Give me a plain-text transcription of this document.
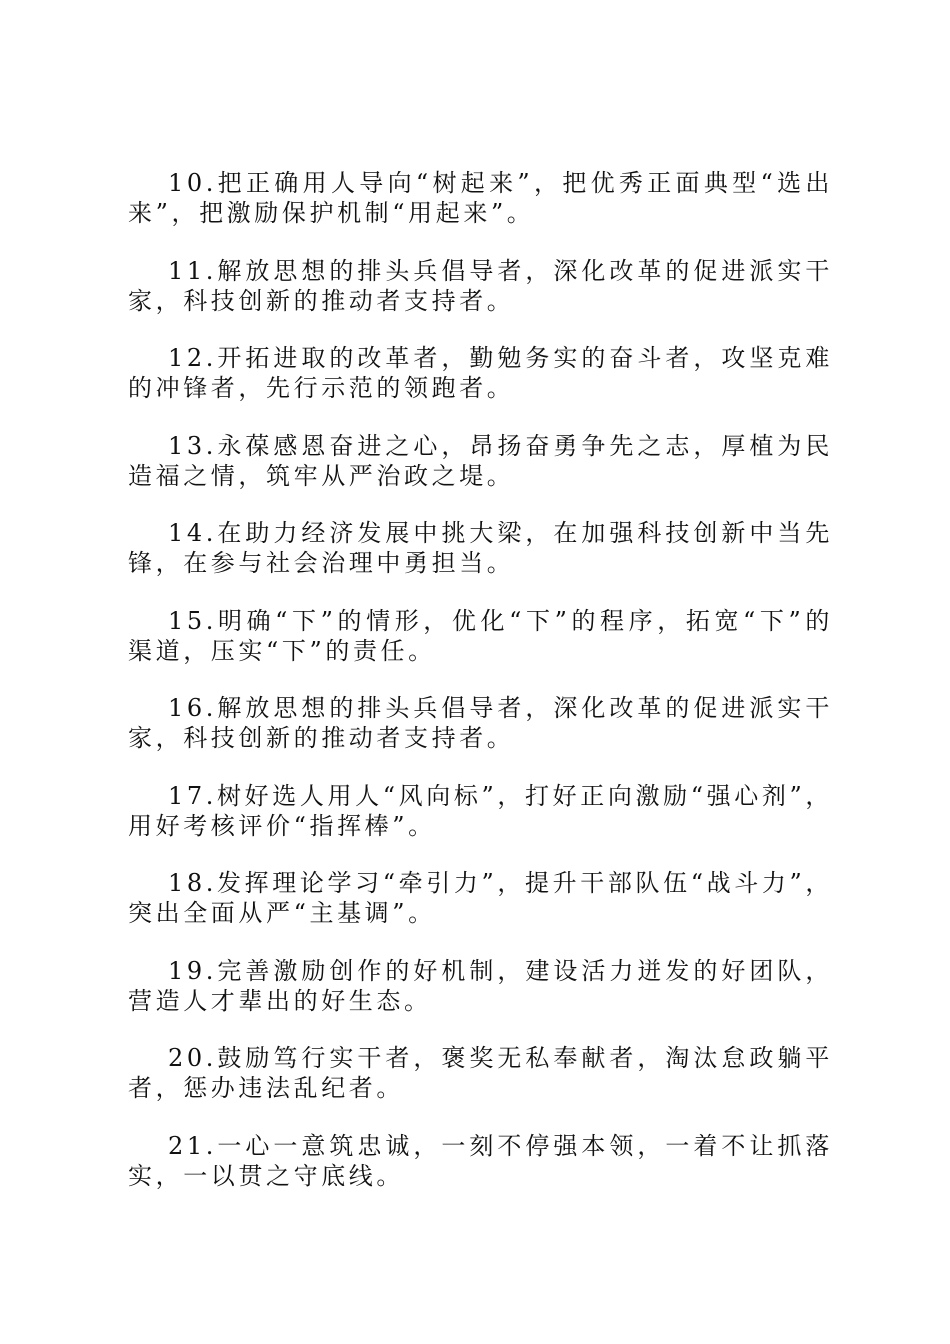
10.把正确用人导向“树起来”，把优秀正面典型“选出来”，把激励保护机制“用起来”。

11.解放思想的排头兵倡导者，深化改革的促进派实干家，科技创新的推动者支持者。

12.开拓进取的改革者，勤勉务实的奋斗者，攻坚克难的冲锋者，先行示范的领跑者。

13.永葆感恩奋进之心，昂扬奋勇争先之志，厚植为民造福之情，筑牢从严治政之堤。

14.在助力经济发展中挑大梁，在加强科技创新中当先锋，在参与社会治理中勇担当。

15.明确“下”的情形，优化“下”的程序，拓宽“下”的渠道，压实“下”的责任。

16.解放思想的排头兵倡导者，深化改革的促进派实干家，科技创新的推动者支持者。

17.树好选人用人“风向标”，打好正向激励“强心剂”，用好考核评价“指挥棒”。

18.发挥理论学习“牵引力”，提升干部队伍“战斗力”，突出全面从严“主基调”。

19.完善激励创作的好机制，建设活力迸发的好团队，营造人才辈出的好生态。

20.鼓励笃行实干者，褒奖无私奉献者，淘汰怠政躺平者，惩办违法乱纪者。

21.一心一意筑忠诚，一刻不停强本领，一着不让抓落实，一以贯之守底线。
